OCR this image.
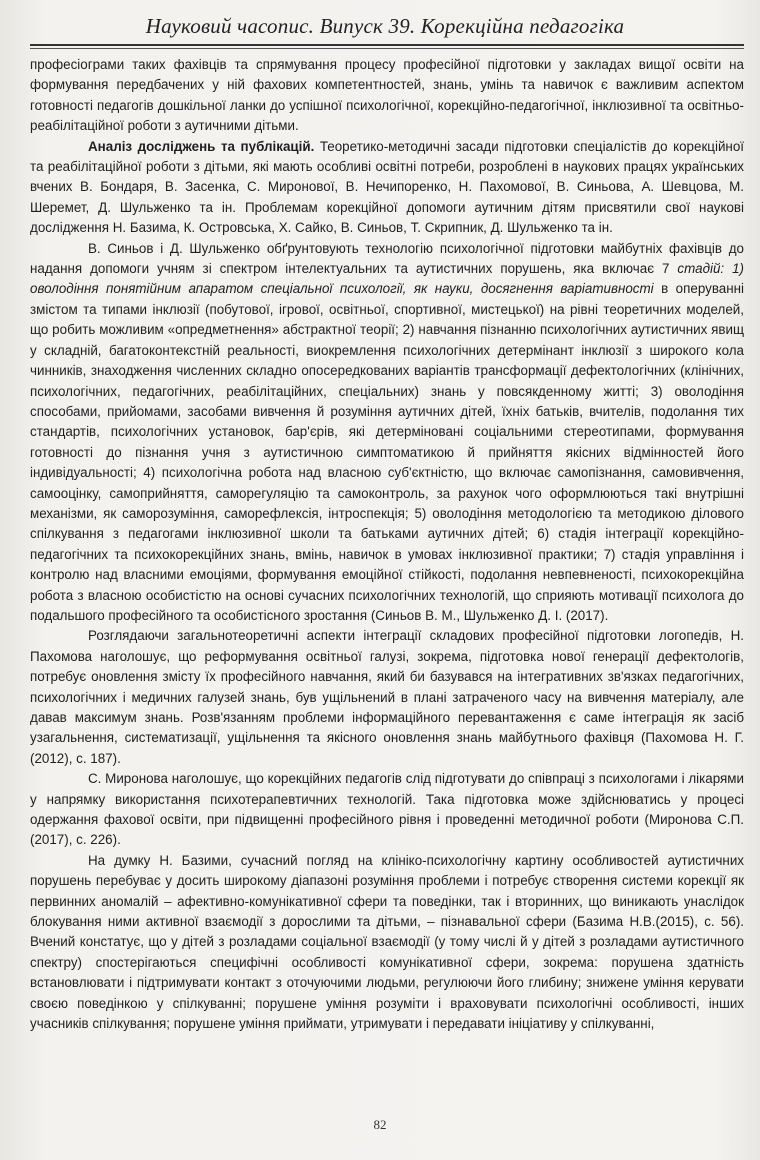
Науковий часопис. Випуск 39. Корекційна педагогіка

професіограми таких фахівців та спрямування процесу професійної підготовки у закладах вищої освіти на формування передбачених у ній фахових компетентностей, знань, умінь та навичок є важливим аспектом готовності педагогів дошкільної ланки до успішної психологічної, корекційно-педагогічної, інклюзивної та освітньо-реабілітаційної роботи з аутичними дітьми.

Аналіз досліджень та публікацій. Теоретико-методичні засади підготовки спеціалістів до корекційної та реабілітаційної роботи з дітьми, які мають особливі освітні потреби, розроблені в наукових працях українських вчених В. Бондаря, В. Засенка, С. Миронової, В. Нечипоренко, Н. Пахомової, В. Синьова, А. Шевцова, М. Шеремет, Д. Шульженко та ін. Проблемам корекційної допомоги аутичним дітям присвятили свої наукові дослідження Н. Базима, К. Островська, Х. Сайко, В. Синьов, Т. Скрипник, Д. Шульженко та ін.

В. Синьов і Д. Шульженко обґрунтовують технологію психологічної підготовки майбутніх фахівців до надання допомоги учням зі спектром інтелектуальних та аутистичних порушень, яка включає 7 стадій: 1) оволодіння понятійним апаратом спеціальної психології, як науки, досягнення варіативності в оперуванні змістом та типами інклюзії (побутової, ігрової, освітньої, спортивної, мистецької) на рівні теоретичних моделей, що робить можливим «опредметнення» абстрактної теорії; 2) навчання пізнанню психологічних аутистичних явищ у складній, багатоконтекстній реальності, виокремлення психологічних детермінант інклюзії з широкого кола чинників, знаходження численних складно опосередкованих варіантів трансформації дефектологічних (клінічних, психологічних, педагогічних, реабілітаційних, спеціальних) знань у повсякденному житті; 3) оволодіння способами, прийомами, засобами вивчення й розуміння аутичних дітей, їхніх батьків, вчителів, подолання тих стандартів, психологічних установок, бар'єрів, які детерміновані соціальними стереотипами, формування готовності до пізнання учня з аутистичною симптоматикою й прийняття якісних відмінностей його індивідуальності; 4) психологічна робота над власною суб'єктністю, що включає самопізнання, самовивчення, самооцінку, самоприйняття, саморегуляцію та самоконтроль, за рахунок чого оформлюються такі внутрішні механізми, як саморозуміння, саморефлексія, інтроспекція; 5) оволодіння методологією та методикою ділового спілкування з педагогами інклюзивної школи та батьками аутичних дітей; 6) стадія інтеграції корекційно-педагогічних та психокорекційних знань, вмінь, навичок в умовах інклюзивної практики; 7) стадія управління і контролю над власними емоціями, формування емоційної стійкості, подолання невпевненості, психокорекційна робота з власною особистістю на основі сучасних психологічних технологій, що сприяють мотивації психолога до подальшого професійного та особистісного зростання (Синьов В. М., Шульженко Д. І. (2017).

Розглядаючи загальнотеоретичні аспекти інтеграції складових професійної підготовки логопедів, Н. Пахомова наголошує, що реформування освітньої галузі, зокрема, підготовка нової генерації дефектологів, потребує оновлення змісту їх професійного навчання, який би базувався на інтегративних зв'язках педагогічних, психологічних і медичних галузей знань, був ущільнений в плані затраченого часу на вивчення матеріалу, але давав максимум знань. Розв'язанням проблеми інформаційного перевантаження є саме інтеграція як засіб узагальнення, систематизації, ущільнення та якісного оновлення знань майбутнього фахівця (Пахомова Н. Г. (2012), с. 187).

С. Миронова наголошує, що корекційних педагогів слід підготувати до співпраці з психологами і лікарями у напрямку використання психотерапевтичних технологій. Така підготовка може здійснюватись у процесі одержання фахової освіти, при підвищенні професійного рівня і проведенні методичної роботи (Миронова С.П. (2017), с. 226).

На думку Н. Базими, сучасний погляд на клініко-психологічну картину особливостей аутистичних порушень перебуває у досить широкому діапазоні розуміння проблеми і потребує створення системи корекції як первинних аномалій – афективно-комунікативної сфери та поведінки, так і вторинних, що виникають унаслідок блокування ними активної взаємодії з дорослими та дітьми, – пізнавальної сфери (Базима Н.В.(2015), с. 56). Вчений констатує, що у дітей з розладами соціальної взаємодії (у тому числі й у дітей з розладами аутистичного спектру) спостерігаються специфічні особливості комунікативної сфери, зокрема: порушена здатність встановлювати і підтримувати контакт з оточуючими людьми, регулюючи його глибину; знижене уміння керувати своєю поведінкою у спілкуванні; порушене уміння розуміти і враховувати психологічні особливості, інших учасників спілкування; порушене уміння приймати, утримувати і передавати ініціативу у спілкуванні,

82
